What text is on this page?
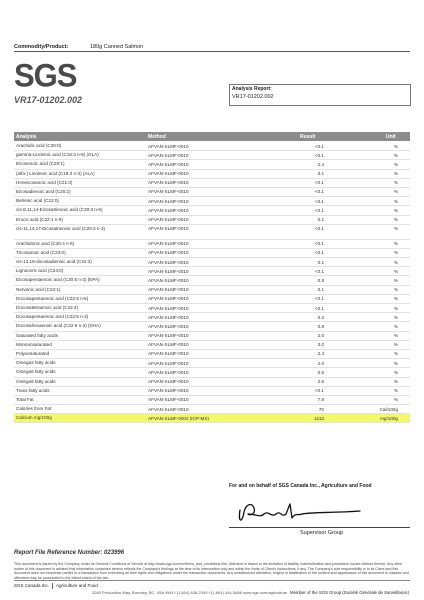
Commodity/Product:	180g Canned Salmon
SGS
VR17-01202.002
Analysis Report:
VR17-01202.002
Analysis	Method	Result	Unit
Arachidic acid (C20:0)	AFVAN-SLMF-0010	<0.1	%
gamma-Linolenic acid (C18:3 n-6) (GLA)	AFVAN-SLMF-0010	<0.1	%
Eicosenoic acid (C20:1)	AFVAN-SLMF-0010	2.4	%
(alfa-) Linolenic acid (C18:3 n-3) (ALA)	AFVAN-SLMF-0010	3.1	%
Heneicosanoic acid (C21:0)	AFVAN-SLMF-0010	<0.1	%
Eicosadienoic acid (C20:2)	AFVAN-SLMF-0010	<0.1	%
Behenic acid (C22:0)	AFVAN-SLMF-0010	<0.1	%
cis-8,11,14-Eicosatrienoic acid (C20:3 n-6)	AFVAN-SLMF-0010	<0.1	%
Erucic acid (C22:1 n-9)	AFVAN-SLMF-0010	0.1	%
cis-11,14,17-Eicosatrienoic acid (C20:3 n-3)	AFVAN-SLMF-0010	<0.1	%
Arachidonic acid (C20:4 n-6)	AFVAN-SLMF-0010	<0.1	%
Tricosanoic acid (C23:0)	AFVAN-SLMF-0010	<0.1	%
cis-13,16-docosadienoic acid (C22:2)	AFVAN-SLMF-0010	0.1	%
Lignoceric acid (C24:0)	AFVAN-SLMF-0010	<0.1	%
Eicosapentaenoic acid (C20:5 n-3) (EPA)	AFVAN-SLMF-0010	0.8	%
Nervonic acid (C24:1)	AFVAN-SLMF-0010	0.1	%
Docosapentaenoic acid (C22:5 n-6)	AFVAN-SLMF-0010	<0.1	%
Docosatetraenoic acid (C22:4)	AFVAN-SLMF-0010	<0.1	%
Docosapentaenoic acid (C22:5 n-3)	AFVAN-SLMF-0010	0.2	%
Docosahexaenoic acid (C22:6 n-3) (DHA)	AFVAN-SLMF-0010	0.8	%
Saturated fatty acids	AFVAN-SLMF-0010	2.0	%
Monounsaturated	AFVAN-SLMF-0010	3.0	%
Polyunsaturated	AFVAN-SLMF-0010	2.4	%
Omega3 fatty acids	AFVAN-SLMF-0010	2.0	%
Omega6 fatty acids	AFVAN-SLMF-0010	0.5	%
Omega9 fatty acids	AFVAN-SLMF-0010	2.5	%
Trans fatty acids	AFVAN-SLMF-0010	<0.1	%
Total Fat	AFVAN-SLMF-0010	7.8	%
Calories from Fat	AFVAN-SLMF-0010	70	Cal/100g
Calcium mg/100g	AFVAN-SLMF-0002 (ICP-MS)	1113	mg/100g
For and on behalf of SGS Canada Inc., Agriculture and Food
Supervisor Group
Report File Reference Number: 023996
This document is issued by the Company under its General Conditions of Service at http://www.sgs.com/en/terms_and_conditions.htm. Attention is drawn to the limitation of liability, indemnification and jurisdiction issues defined therein. Any other holder of this document is advised that information contained hereon reflects the Company's findings at the time of its intervention only and within the limits of Client's instructions, if any. The Company's sole responsibility is to its Client and this document does not exonerate parties to a transaction from exercising all their rights and obligations under the transaction documents. Any unauthorized alteration, forgery or falsification of the content and appearance of this document is unlawful and offenders may be prosecuted to the fullest extent of the law.
SGS Canada Inc. Agriculture and Food
3260 Production Way, Burnaby, BC, V5A 4W4 t (1-604) 638-2349 f (1-604) 444-5486 www.sgs.com/agriculture Member of the SGS Group (Société Générale de Surveillance)
